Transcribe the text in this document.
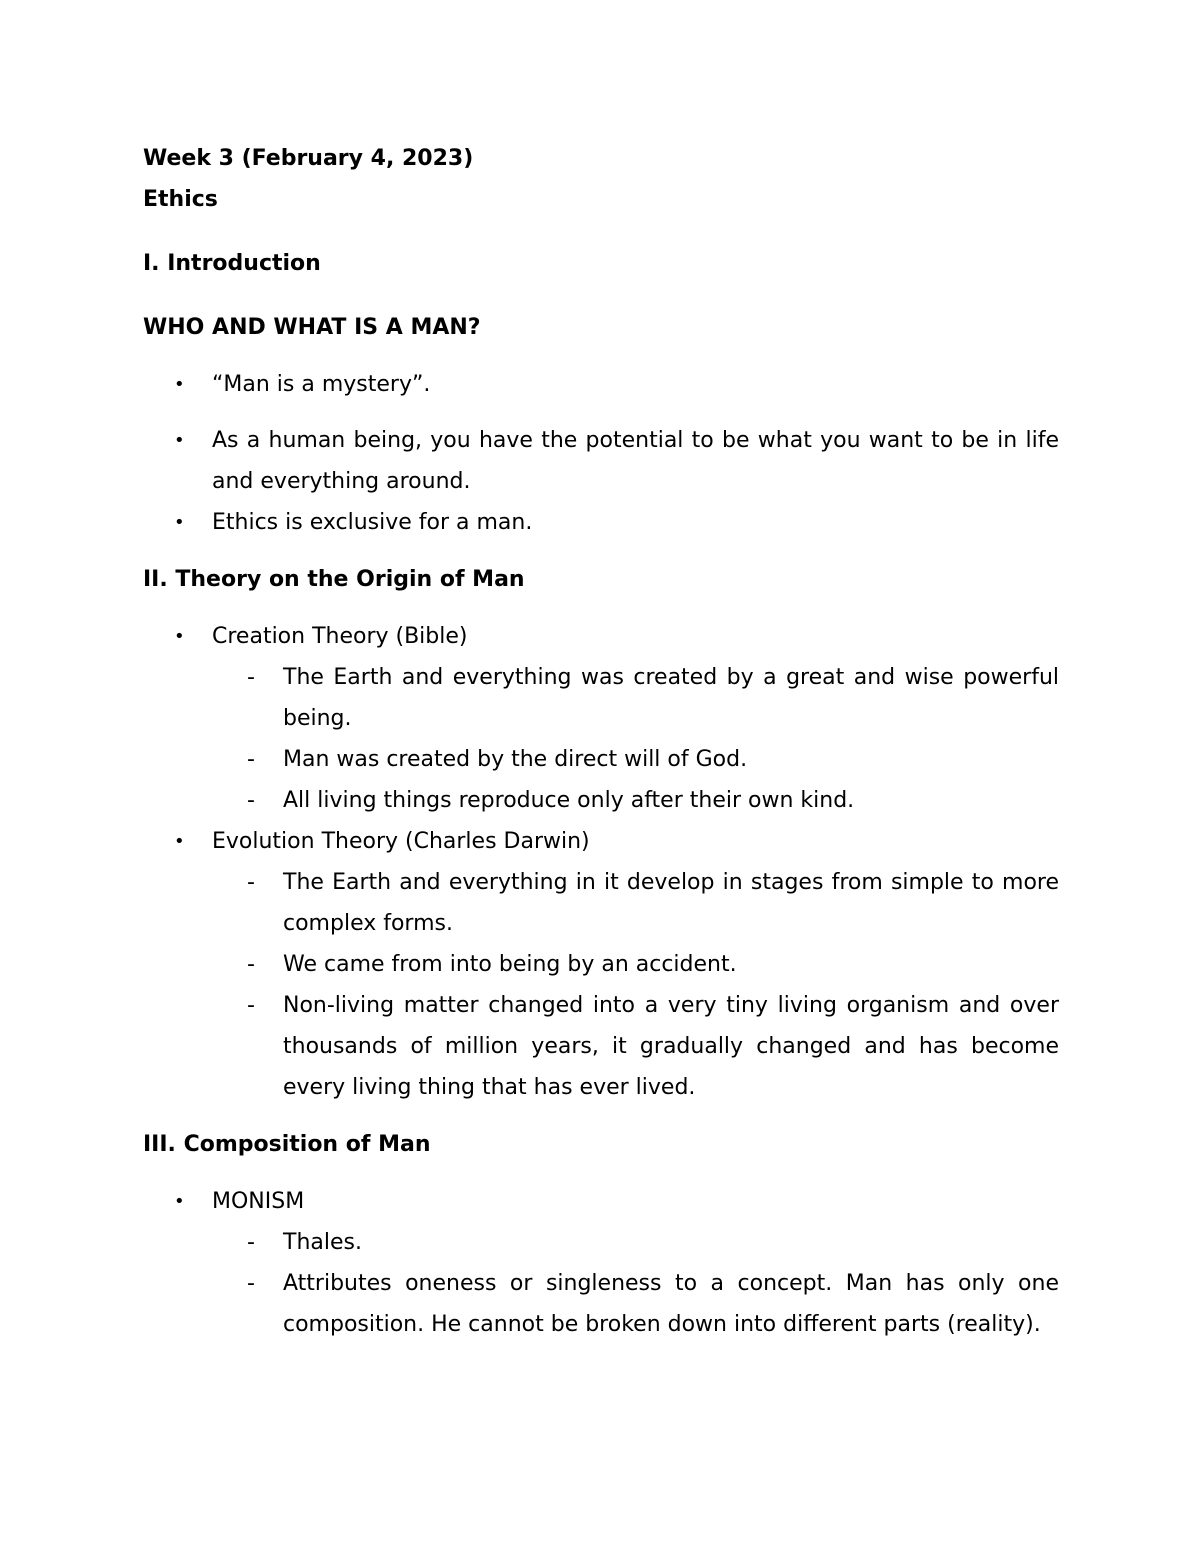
Week 3 (February 4, 2023)

Ethics

I. Introduction

WHO AND WHAT IS A MAN?

• “Man is a mystery”.

• As a human being, you have the potential to be what you want to be in life and everything around.

• Ethics is exclusive for a man.

II. Theory on the Origin of Man

• Creation Theory (Bible)

- The Earth and everything was created by a great and wise powerful being.

- Man was created by the direct will of God.

- All living things reproduce only after their own kind.

• Evolution Theory (Charles Darwin)

- The Earth and everything in it develop in stages from simple to more complex forms.

- We came from into being by an accident.

- Non-living matter changed into a very tiny living organism and over thousands of million years, it gradually changed and has become every living thing that has ever lived.

III. Composition of Man

• MONISM

- Thales.

- Attributes oneness or singleness to a concept. Man has only one composition. He cannot be broken down into different parts (reality).
